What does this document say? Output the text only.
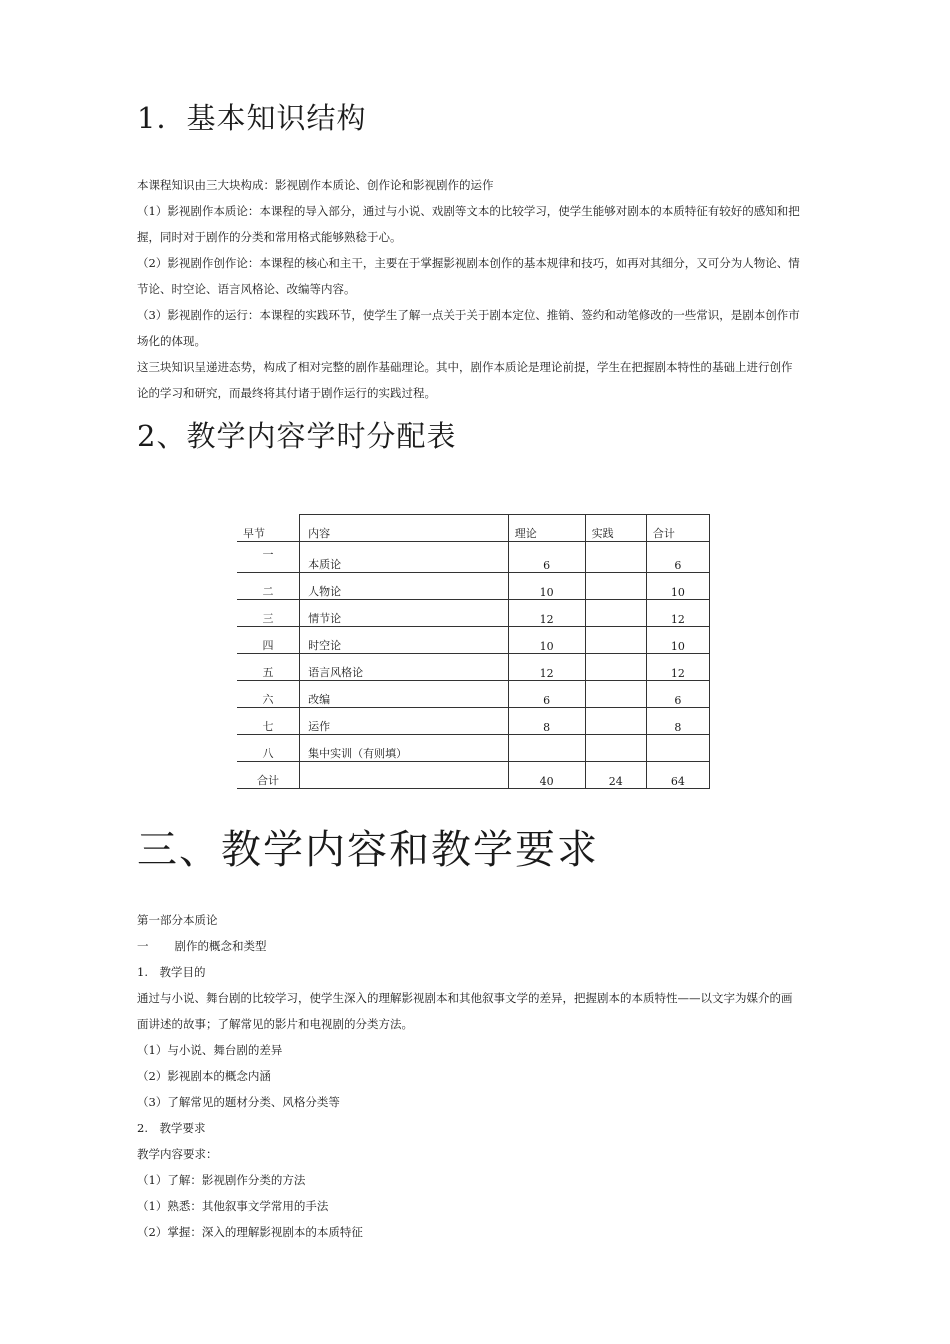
1．基本知识结构
本课程知识由三大块构成：影视剧作本质论、创作论和影视剧作的运作
（1）影视剧作本质论：本课程的导入部分，通过与小说、戏剧等文本的比较学习，使学生能够对剧本的本质特征有较好的感知和把
握，同时对于剧作的分类和常用格式能够熟稔于心。
（2）影视剧作创作论：本课程的核心和主干，主要在于掌握影视剧本创作的基本规律和技巧，如再对其细分，又可分为人物论、情
节论、时空论、语言风格论、改编等内容。
（3）影视剧作的运行：本课程的实践环节，使学生了解一点关于关于剧本定位、推销、签约和动笔修改的一些常识，是剧本创作市
场化的体现。
这三块知识呈递进态势，构成了相对完整的剧作基础理论。其中，剧作本质论是理论前提，学生在把握剧本特性的基础上进行创作
论的学习和研究，而最终将其付诸于剧作运行的实践过程。
2、教学内容学时分配表
早节	内容	理论	实践	合计
一	本质论	6		6
二	人物论	10		10
三	情节论	12		12
四	时空论	10		10
五	语言风格论	12		12
六	改编	6		6
七	运作	8		8
八	集中实训（有则填）			
合计		40	24	64
三、教学内容和教学要求
第一部分本质论
一 剧作的概念和类型
1.　教学目的
通过与小说、舞台剧的比较学习，使学生深入的理解影视剧本和其他叙事文学的差异，把握剧本的本质特性——以文字为媒介的画
面讲述的故事；了解常见的影片和电视剧的分类方法。
（1）与小说、舞台剧的差异
（2）影视剧本的概念内涵
（3）了解常见的题材分类、风格分类等
2.　教学要求
教学内容要求：
（1）了解：影视剧作分类的方法
（1）熟悉：其他叙事文学常用的手法
（2）掌握：深入的理解影视剧本的本质特征
